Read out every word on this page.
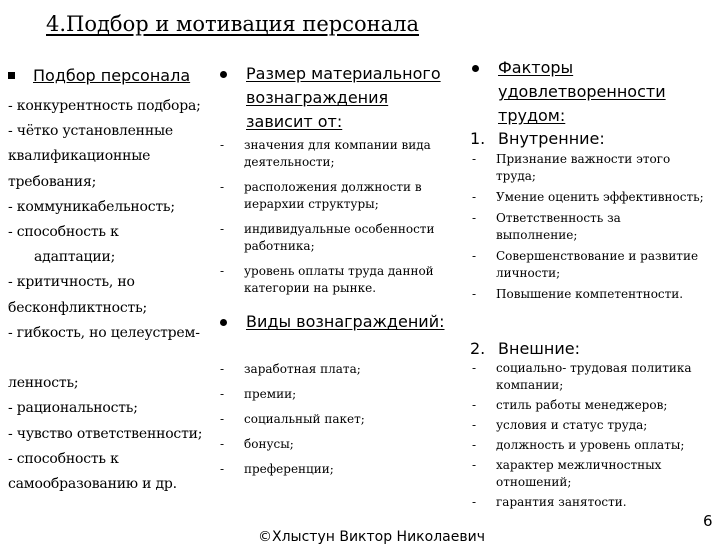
4.Подбор и мотивация персонала
Подбор персонала
- конкурентность подбора;
- чётко установленные
квалификационные
требования;
- коммуникабельность;
- способность к
адаптации;
- критичность, но
бесконфликтность;
- гибкость, но целеустрем-
ленность;
- рациональность;
- чувство ответственности;
- способность к
самообразованию и др.
Размер материального вознаграждения зависит от:
- значения для компании вида деятельности;
- расположения должности в иерархии структуры;
- индивидуальные особенности работника;
- уровень оплаты труда данной категории на рынке.
Виды вознаграждений:
- заработная плата;
- премии;
- социальный пакет;
- бонусы;
- преференции;
Факторы удовлетворенности трудом:
1. Внутренние:
- Признание важности этого труда;
- Умение оценить эффективность;
- Ответственность за выполнение;
- Совершенствование и развитие личности;
- Повышение компетентности.
2. Внешние:
- социально- трудовая политика компании;
- стиль работы менеджеров;
- условия и статус труда;
- должность и уровень оплаты;
- характер межличностных отношений;
- гарантия занятости.
6
©Хлыстун Виктор Николаевич
